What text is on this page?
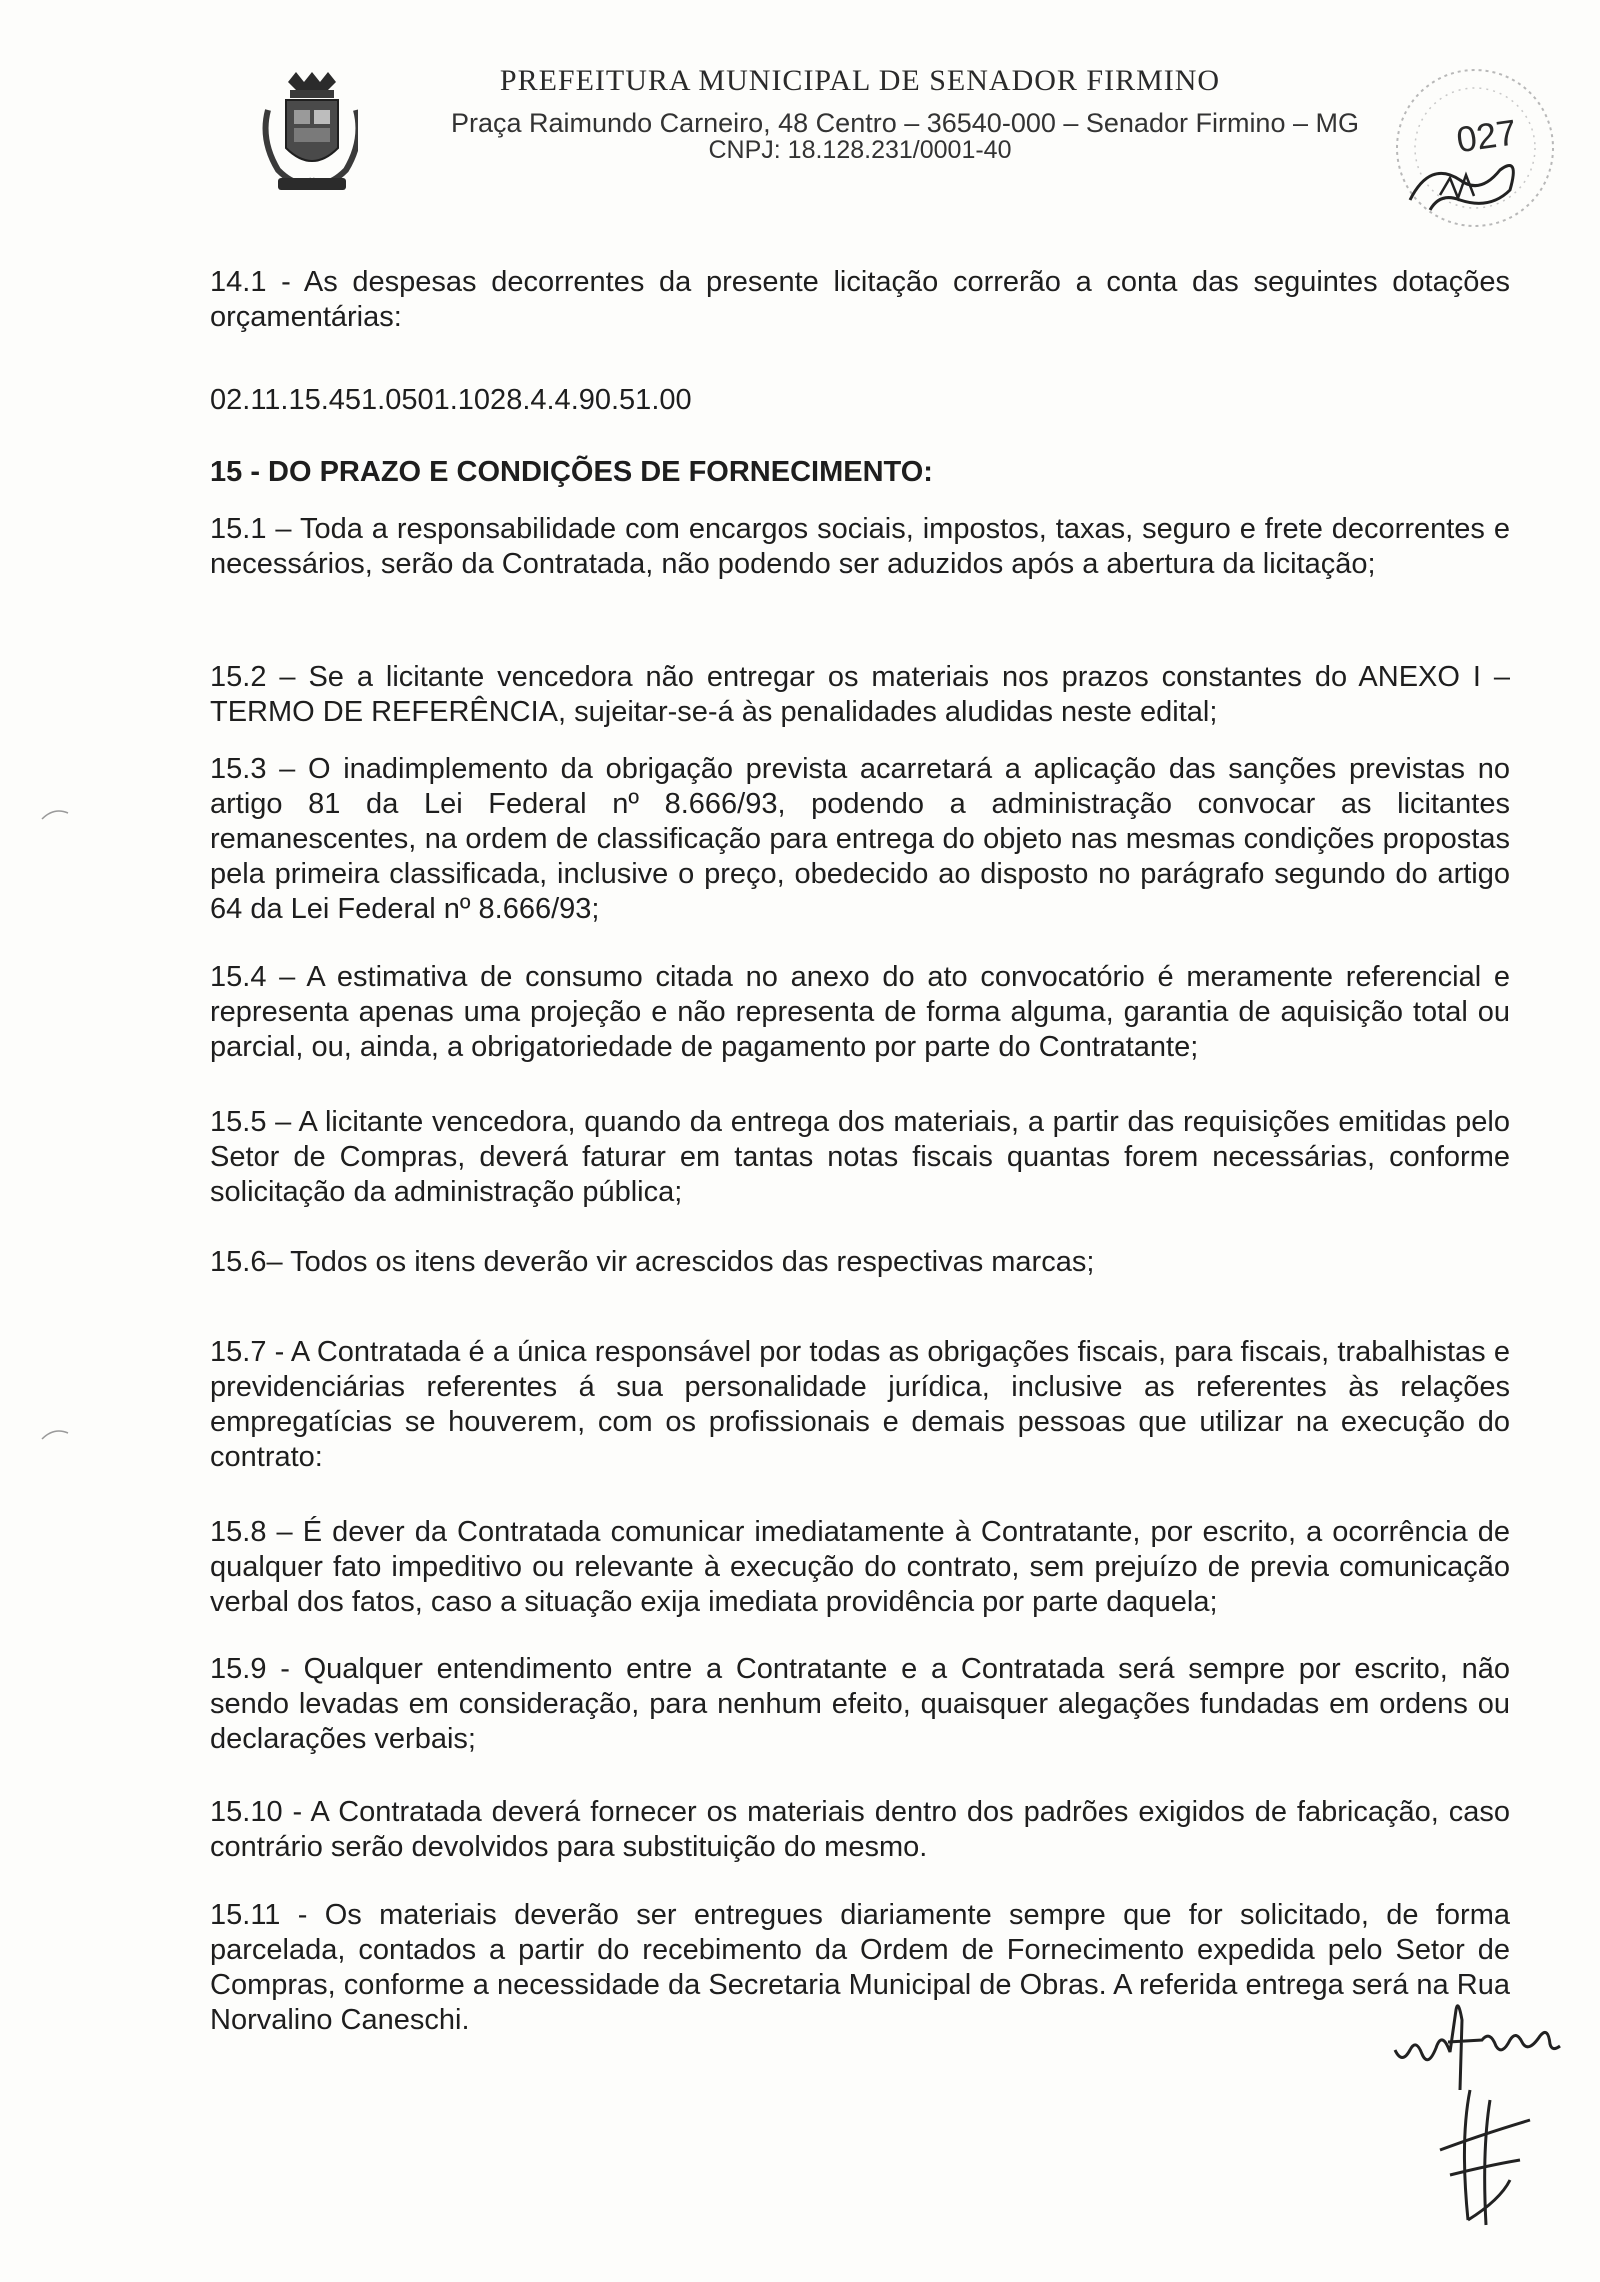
PREFEITURA MUNICIPAL DE SENADOR FIRMINO
Praça Raimundo Carneiro, 48 Centro – 36540-000 – Senador Firmino – MG
CNPJ: 18.128.231/0001-40	027
14.1 - As despesas decorrentes da presente licitação correrão a conta das seguintes dotações orçamentárias:
02.11.15.451.0501.1028.4.4.90.51.00
15 - DO PRAZO E CONDIÇÕES DE FORNECIMENTO:
15.1 – Toda a responsabilidade com encargos sociais, impostos, taxas, seguro e frete decorrentes e necessários, serão da Contratada, não podendo ser aduzidos após a abertura da licitação;
15.2 – Se a licitante vencedora não entregar os materiais nos prazos constantes do ANEXO I – TERMO DE REFERÊNCIA, sujeitar-se-á às penalidades aludidas neste edital;
15.3 – O inadimplemento da obrigação prevista acarretará a aplicação das sanções previstas no artigo 81 da Lei Federal nº 8.666/93, podendo a administração convocar as licitantes remanescentes, na ordem de classificação para entrega do objeto nas mesmas condições propostas pela primeira classificada, inclusive o preço, obedecido ao disposto no parágrafo segundo do artigo 64 da Lei Federal nº 8.666/93;
15.4 – A estimativa de consumo citada no anexo do ato convocatório é meramente referencial e representa apenas uma projeção e não representa de forma alguma, garantia de aquisição total ou parcial, ou, ainda, a obrigatoriedade de pagamento por parte do Contratante;
15.5 – A licitante vencedora, quando da entrega dos materiais, a partir das requisições emitidas pelo Setor de Compras, deverá faturar em tantas notas fiscais quantas forem necessárias, conforme solicitação da administração pública;
15.6– Todos os itens deverão vir acrescidos das respectivas marcas;
15.7 - A Contratada é a única responsável por todas as obrigações fiscais, para fiscais, trabalhistas e previdenciárias referentes á sua personalidade jurídica, inclusive as referentes às relações empregatícias se houverem, com os profissionais e demais pessoas que utilizar na execução do contrato:
15.8 – É dever da Contratada comunicar imediatamente à Contratante, por escrito, a ocorrência de qualquer fato impeditivo ou relevante à execução do contrato, sem prejuízo de previa comunicação verbal dos fatos, caso a situação exija imediata providência por parte daquela;
15.9 - Qualquer entendimento entre a Contratante e a Contratada será sempre por escrito, não sendo levadas em consideração, para nenhum efeito, quaisquer alegações fundadas em ordens ou declarações verbais;
15.10 - A Contratada deverá fornecer os materiais dentro dos padrões exigidos de fabricação, caso contrário serão devolvidos para substituição do mesmo.
15.11 - Os materiais deverão ser entregues diariamente sempre que for solicitado, de forma parcelada, contados a partir do recebimento da Ordem de Fornecimento expedida pelo Setor de Compras, conforme a necessidade da Secretaria Municipal de Obras. A referida entrega será na Rua Norvalino Caneschi.
